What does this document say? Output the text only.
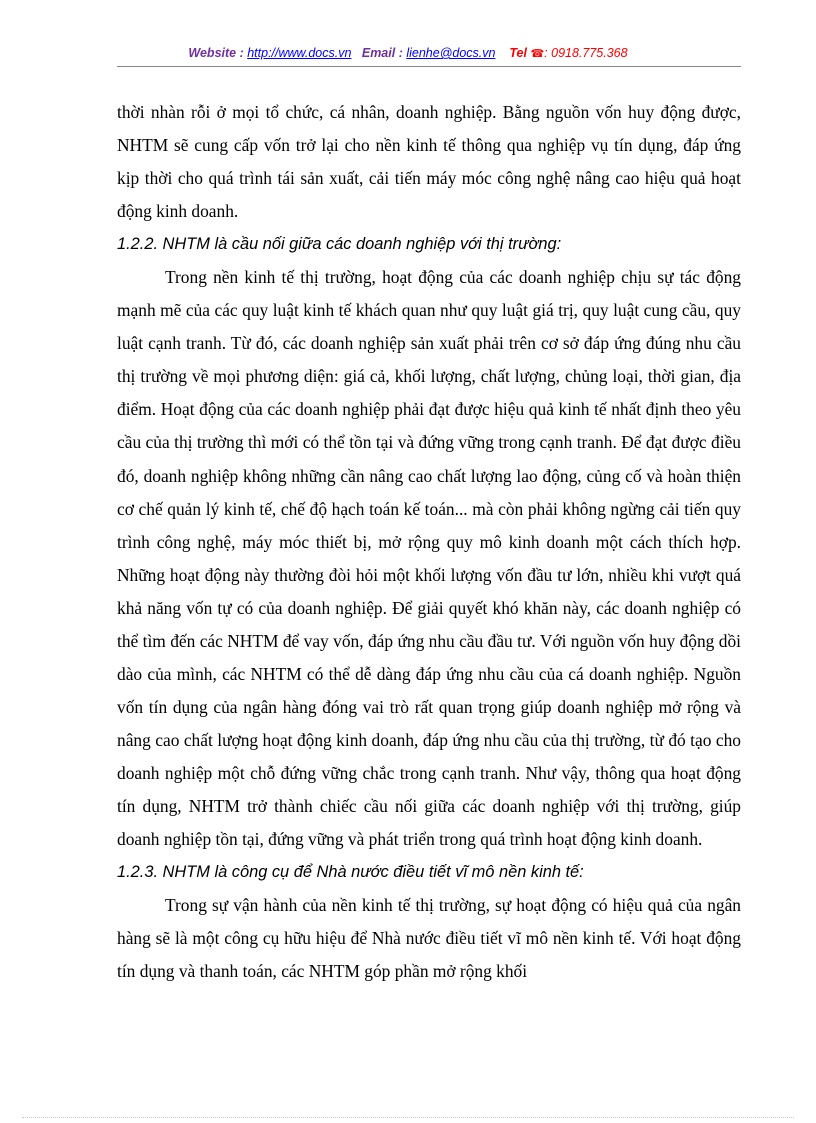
Website : http://www.docs.vn Email : lienhe@docs.vn Tel ☎: 0918.775.368

thời nhàn rỗi ở mọi tổ chức, cá nhân, doanh nghiệp. Bằng nguồn vốn huy động được, NHTM sẽ cung cấp vốn trở lại cho nền kinh tế thông qua nghiệp vụ tín dụng, đáp ứng kịp thời cho quá trình tái sản xuất, cải tiến máy móc công nghệ nâng cao hiệu quả hoạt động kinh doanh.

1.2.2. NHTM là cầu nối giữa các doanh nghiệp với thị trường:

Trong nền kinh tế thị trường, hoạt động của các doanh nghiệp chịu sự tác động mạnh mẽ của các quy luật kinh tế khách quan như quy luật giá trị, quy luật cung cầu, quy luật cạnh tranh. Từ đó, các doanh nghiệp sản xuất phải trên cơ sở đáp ứng đúng nhu cầu thị trường về mọi phương diện: giá cả, khối lượng, chất lượng, chủng loại, thời gian, địa điểm. Hoạt động của các doanh nghiệp phải đạt được hiệu quả kinh tế nhất định theo yêu cầu của thị trường thì mới có thể tồn tại và đứng vững trong cạnh tranh. Để đạt được điều đó, doanh nghiệp không những cần nâng cao chất lượng lao động, củng cố và hoàn thiện cơ chế quản lý kinh tế, chế độ hạch toán kế toán... mà còn phải không ngừng cải tiến quy trình công nghệ, máy móc thiết bị, mở rộng quy mô kinh doanh một cách thích hợp. Những hoạt động này thường đòi hỏi một khối lượng vốn đầu tư lớn, nhiều khi vượt quá khả năng vốn tự có của doanh nghiệp. Để giải quyết khó khăn này, các doanh nghiệp có thể tìm đến các NHTM để vay vốn, đáp ứng nhu cầu đầu tư. Với nguồn vốn huy động dồi dào của mình, các NHTM có thể dễ dàng đáp ứng nhu cầu của cá doanh nghiệp. Nguồn vốn tín dụng của ngân hàng đóng vai trò rất quan trọng giúp doanh nghiệp mở rộng và nâng cao chất lượng hoạt động kinh doanh, đáp ứng nhu cầu của thị trường, từ đó tạo cho doanh nghiệp một chỗ đứng vững chắc trong cạnh tranh. Như vậy, thông qua hoạt động tín dụng, NHTM trở thành chiếc cầu nối giữa các doanh nghiệp với thị trường, giúp doanh nghiệp tồn tại, đứng vững và phát triển trong quá trình hoạt động kinh doanh.

1.2.3. NHTM là công cụ để Nhà nước điều tiết vĩ mô nền kinh tế:

Trong sự vận hành của nền kinh tế thị trường, sự hoạt động có hiệu quả của ngân hàng sẽ là một công cụ hữu hiệu để Nhà nước điều tiết vĩ mô nền kinh tế. Với hoạt động tín dụng và thanh toán, các NHTM góp phần mở rộng khối
